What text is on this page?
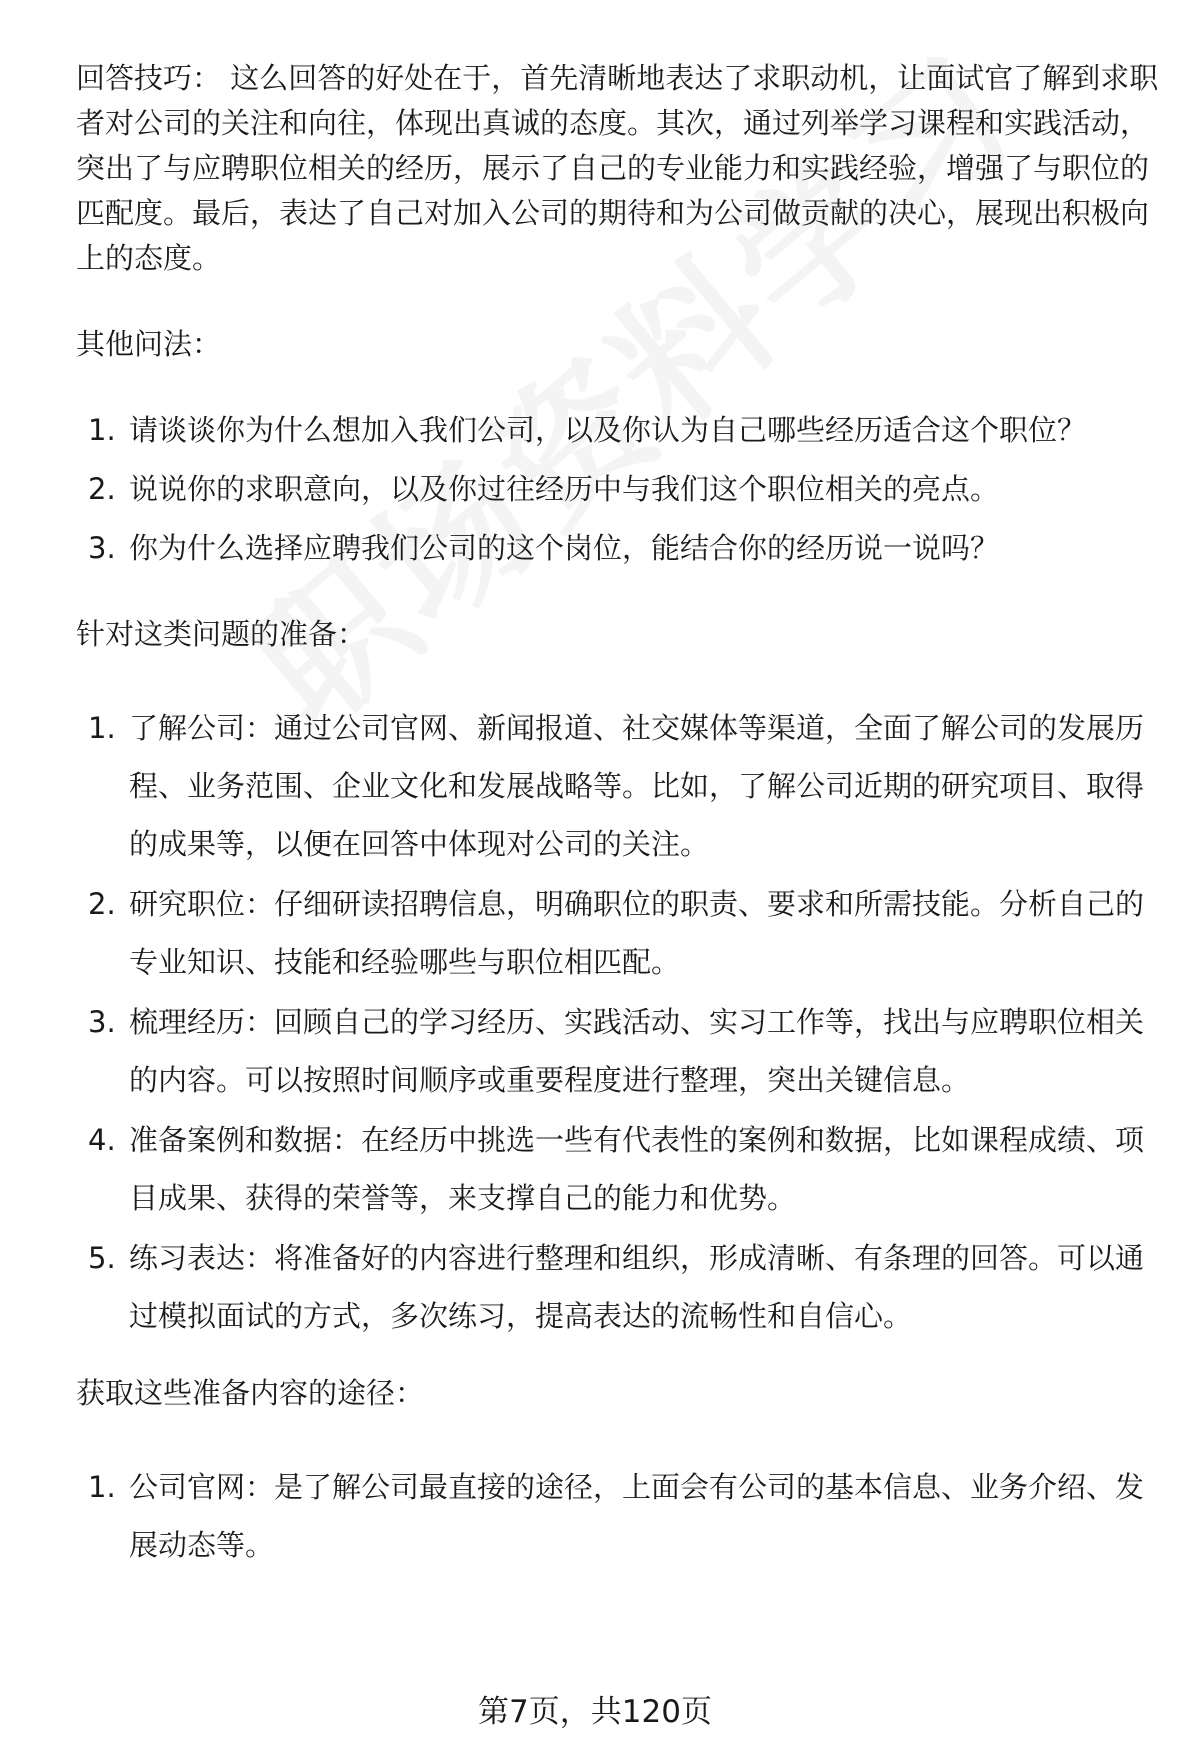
回答技巧： 这么回答的好处在于，首先清晰地表达了求职动机，让面试官了解到求职者对公司的关注和向往，体现出真诚的态度。其次，通过列举学习课程和实践活动，突出了与应聘职位相关的经历，展示了自己的专业能力和实践经验，增强了与职位的匹配度。最后，表达了自己对加入公司的期待和为公司做贡献的决心，展现出积极向上的态度。

其他问法：

1. 请谈谈你为什么想加入我们公司，以及你认为自己哪些经历适合这个职位？
2. 说说你的求职意向，以及你过往经历中与我们这个职位相关的亮点。
3. 你为什么选择应聘我们公司的这个岗位，能结合你的经历说一说吗？

针对这类问题的准备：

1. 了解公司：通过公司官网、新闻报道、社交媒体等渠道，全面了解公司的发展历程、业务范围、企业文化和发展战略等。比如，了解公司近期的研究项目、取得的成果等，以便在回答中体现对公司的关注。
2. 研究职位：仔细研读招聘信息，明确职位的职责、要求和所需技能。分析自己的专业知识、技能和经验哪些与职位相匹配。
3. 梳理经历：回顾自己的学习经历、实践活动、实习工作等，找出与应聘职位相关的内容。可以按照时间顺序或重要程度进行整理，突出关键信息。
4. 准备案例和数据：在经历中挑选一些有代表性的案例和数据，比如课程成绩、项目成果、获得的荣誉等，来支撑自己的能力和优势。
5. 练习表达：将准备好的内容进行整理和组织，形成清晰、有条理的回答。可以通过模拟面试的方式，多次练习，提高表达的流畅性和自信心。

获取这些准备内容的途径：

1. 公司官网：是了解公司最直接的途径，上面会有公司的基本信息、业务介绍、发展动态等。
第7页，共120页
